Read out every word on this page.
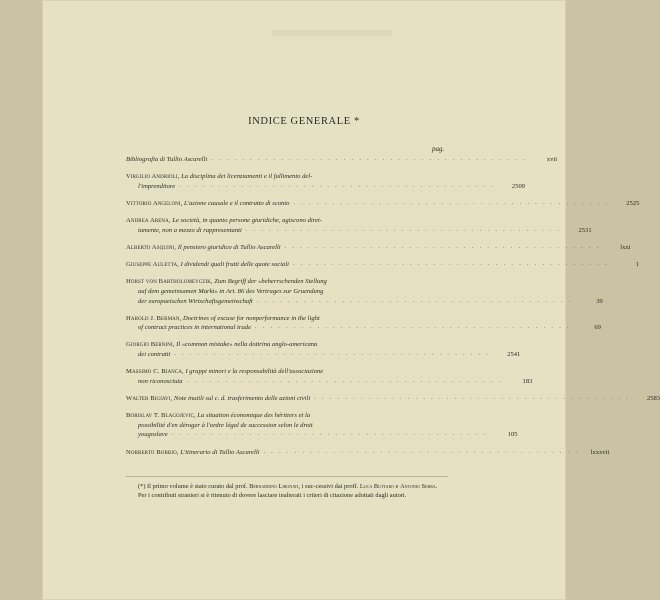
INDICE GENERALE *
pag.
Bibliografia di Tullio Ascarelli . . . . . . . . . . . . . . . . . . . . . . . . . . . . . . . . . . . . . . . . .	xvii
Virgilio Andrioli, La disciplina dei licenziamenti e il fallimento del-
l'imprenditore . . . . . . . . . . . . . . . . . . . . . . . . . . . . . . . . . . . . . . . . .	2509
Vittorio Angeloni, L'azione causale e il contratto di sconto . . . . . . . . . . . . . . . . . . . . . . . . . . . . . . . . . . . . . . . . .	2525
Andrea Arena, Le società, in quanto persone giuridiche, agiscono diret-
tamente, non a mezzo di rappresentanti . . . . . . . . . . . . . . . . . . . . . . . . . . . . . . . . . . . . . . . . .	2531
Alberto Asquini, Il pensiero giuridico di Tullio Ascarelli . . . . . . . . . . . . . . . . . . . . . . . . . . . . . . . . . . . . . . . . .	lxxi
Giuseppe Auletta, I dividendi quali frutti delle quote sociali . . . . . . . . . . . . . . . . . . . . . . . . . . . . . . . . . . . . . . . . .	1
Horst von Bartholomeyczik, Zum Begriff der «beherrschenden Stellung
auf dem gemeinsamen Markt» in Art. 86 des Vertrages zur Gruendung
der europaeischen Wirtschaftsgemeinschaft . . . . . . . . . . . . . . . . . . . . . . . . . . . . . . . . . . . . . . . . .	39
Harold J. Berman, Doctrines of excuse for nonperformance in the light
of contract practices in international trade . . . . . . . . . . . . . . . . . . . . . . . . . . . . . . . . . . . . . . . . .	69
Giorgio Bernini, Il «common mistake» nella dottrina anglo-americana
dei contratti . . . . . . . . . . . . . . . . . . . . . . . . . . . . . . . . . . . . . . . . .	2541
Massimo C. Bianca, I gruppi minori e la responsabilità dell'associazione
non riconosciuta . . . . . . . . . . . . . . . . . . . . . . . . . . . . . . . . . . . . . . . . .	183
Walter Bigiavi, Note inutili sul c. d. trasferimento delle azioni civili . . . . . . . . . . . . . . . . . . . . . . . . . . . . . . . . . . . . . . . . .	2583
Borislav T. Blagojevic, La situation économique des héritiers et la
possibilité d'en déroger à l'ordre légal de succession selon le droit
yougoslave . . . . . . . . . . . . . . . . . . . . . . . . . . . . . . . . . . . . . . . . .	105
Norberto Bobbio, L'itinerario di Tullio Ascarelli . . . . . . . . . . . . . . . . . . . . . . . . . . . . . . . . . . . . . . . . .	lxxxvii

(*) Il primo volume è stato curato dal prof. Bernardino Libonati, i suc-cessivi dai proff. Luca Buttaro e Antonio Serra.

Per i contributi stranieri si è ritenuto di dovere lasciare inalterati i criteri di citazione adottati dagli autori.
